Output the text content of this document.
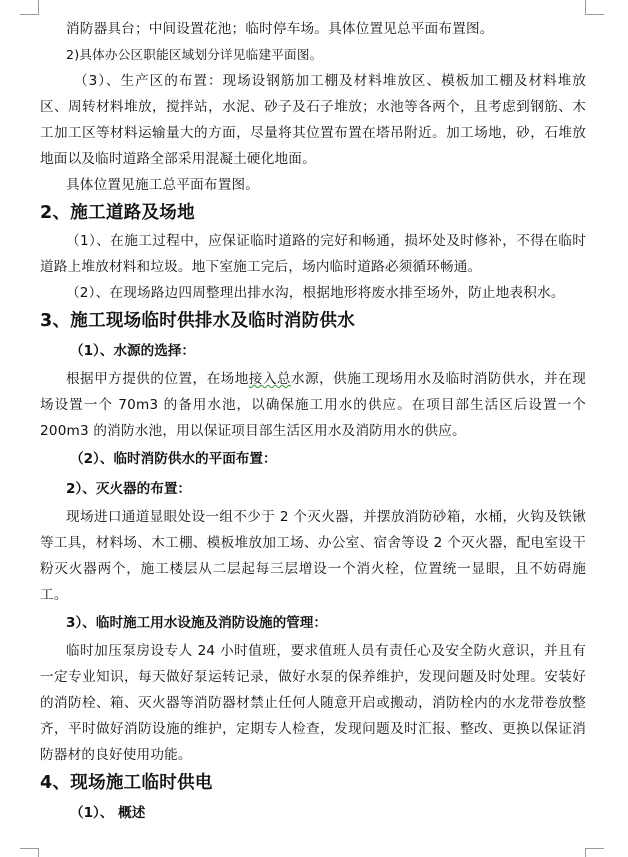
消防器具台；中间设置花池；临时停车场。具体位置见总平面布置图。

2)具体办公区职能区域划分详见临建平面图。

（3）、生产区的布置：现场设钢筋加工棚及材料堆放区、模板加工棚及材料堆放区、周转材料堆放，搅拌站，水泥、砂子及石子堆放；水池等各两个，且考虑到钢筋、木工加工区等材料运输量大的方面，尽量将其位置布置在塔吊附近。加工场地，砂，石堆放地面以及临时道路全部采用混凝土硬化地面。

具体位置见施工总平面布置图。

2、施工道路及场地

（1）、在施工过程中，应保证临时道路的完好和畅通，损坏处及时修补，不得在临时道路上堆放材料和垃圾。地下室施工完后，场内临时道路必须循环畅通。

（2）、在现场路边四周整理出排水沟，根据地形将废水排至场外，防止地表积水。

3、施工现场临时供排水及临时消防供水
（1）、水源的选择：

根据甲方提供的位置，在场地接入总水源，供施工现场用水及临时消防供水，并在现场设置一个 70m3 的备用水池，以确保施工用水的供应。在项目部生活区后设置一个 200m3 的消防水池，用以保证项目部生活区用水及消防用水的供应。

（2）、临时消防供水的平面布置：
2）、灭火器的布置：

现场进口通道显眼处设一组不少于 2 个灭火器，并摆放消防砂箱，水桶，火钩及铁锹等工具，材料场、木工棚、模板堆放加工场、办公室、宿舍等设 2 个灭火器，配电室设干粉灭火器两个，施工楼层从二层起每三层增设一个消火栓，位置统一显眼，且不妨碍施工。

3）、临时施工用水设施及消防设施的管理：

临时加压泵房设专人 24 小时值班，要求值班人员有责任心及安全防火意识，并且有一定专业知识，每天做好泵运转记录，做好水泵的保养维护，发现问题及时处理。安装好的消防栓、箱、灭火器等消防器材禁止任何人随意开启或搬动，消防栓内的水龙带卷放整齐，平时做好消防设施的维护，定期专人检查，发现问题及时汇报、整改、更换以保证消防器材的良好使用功能。

4、现场施工临时供电
（1）、 概述
